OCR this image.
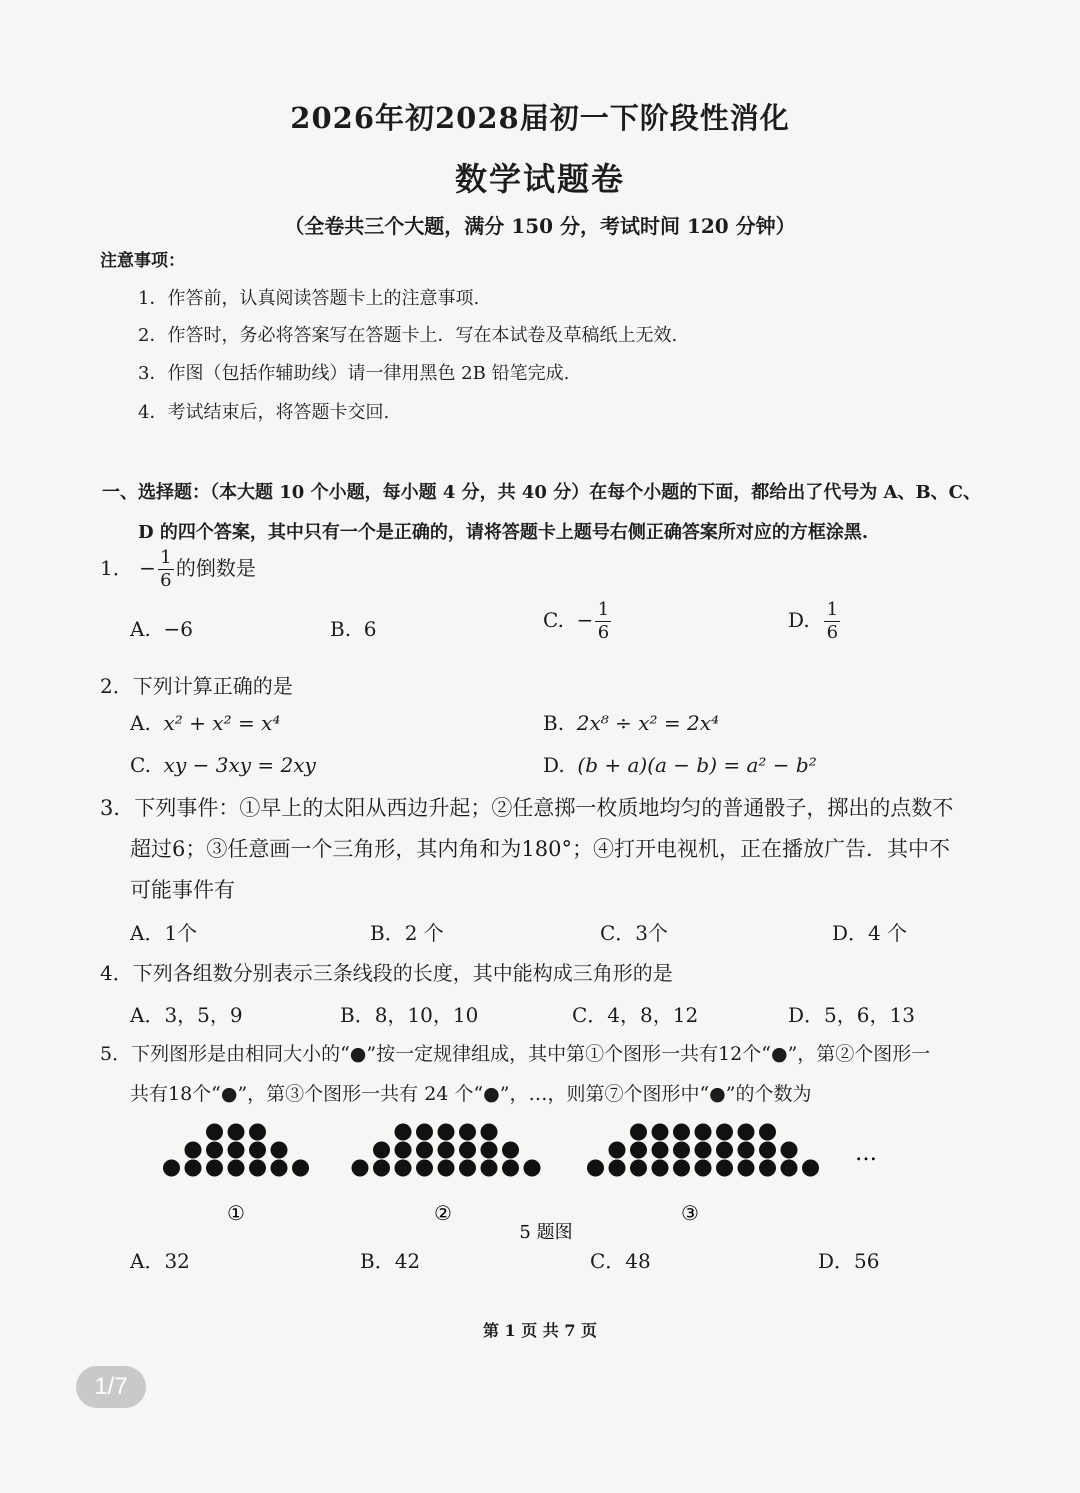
2026年初2028届初一下阶段性消化
数学试题卷
（全卷共三个大题，满分 150 分，考试时间 120 分钟）
注意事项：
1．作答前，认真阅读答题卡上的注意事项.
2．作答时，务必将答案写在答题卡上．写在本试卷及草稿纸上无效.
3．作图（包括作辅助线）请一律用黑色 2B 铅笔完成.
4．考试结束后，将答题卡交回.
一、选择题：（本大题 10 个小题，每小题 4 分，共 40 分）在每个小题的下面，都给出了代号为 A、B、C、
D 的四个答案，其中只有一个是正确的，请将答题卡上题号右侧正确答案所对应的方框涂黑.
1． − $\frac{1}{6}$ 的倒数是
A. −6	B. 6	C. − $\frac{1}{6}$	D. $\frac{1}{6}$
2．下列计算正确的是
A. x² + x² = x⁴	B. 2x⁸ ÷ x² = 2x⁴
C. xy − 3xy = 2xy	D. (b + a)(a − b) = a² − b²
3．下列事件：①早上的太阳从西边升起；②任意掷一枚质地均匀的普通骰子，掷出的点数不
超过6；③任意画一个三角形，其内角和为180°；④打开电视机，正在播放广告．其中不
可能事件有
A．1个	B．2 个	C．3个	D．4 个
4．下列各组数分别表示三条线段的长度，其中能构成三角形的是
A．3，5，9	B．8，10，10	C．4，8，12	D．5，6，13
5．下列图形是由相同大小的“●”按一定规律组成，其中第①个图形一共有12个“●”，第②个图形一
共有18个“●”，第③个图形一共有 24 个“●”，…，则第⑦个图形中“●”的个数为
①	②	③
…
5 题图
A．32	B．42	C．48	D．56
第 1 页 共 7 页
1/7
